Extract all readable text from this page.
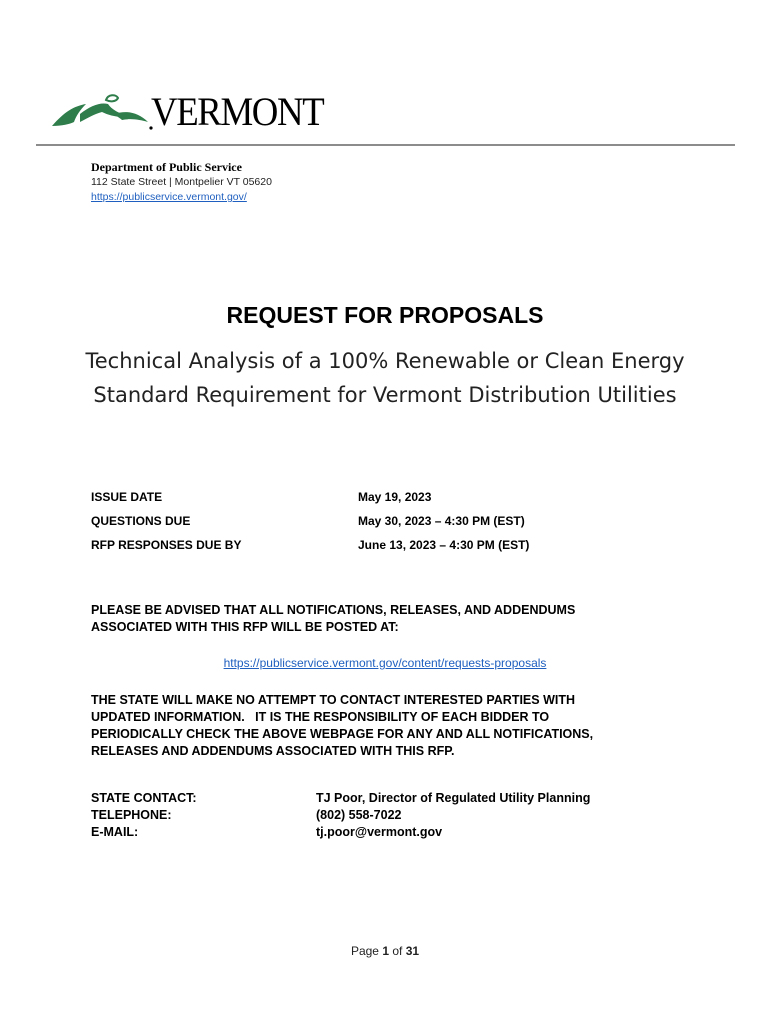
VERMONT
Department of Public Service
112 State Street | Montpelier VT 05620
https://publicservice.vermont.gov/
REQUEST FOR PROPOSALS
Technical Analysis of a 100% Renewable or Clean Energy
Standard Requirement for Vermont Distribution Utilities
ISSUE DATE	May 19, 2023
QUESTIONS DUE	May 30, 2023 – 4:30 PM (EST)
RFP RESPONSES DUE BY	June 13, 2023 – 4:30 PM (EST)
PLEASE BE ADVISED THAT ALL NOTIFICATIONS, RELEASES, AND ADDENDUMS
ASSOCIATED WITH THIS RFP WILL BE POSTED AT:
https://publicservice.vermont.gov/content/requests-proposals
THE STATE WILL MAKE NO ATTEMPT TO CONTACT INTERESTED PARTIES WITH
UPDATED INFORMATION.   IT IS THE RESPONSIBILITY OF EACH BIDDER TO
PERIODICALLY CHECK THE ABOVE WEBPAGE FOR ANY AND ALL NOTIFICATIONS,
RELEASES AND ADDENDUMS ASSOCIATED WITH THIS RFP.
STATE CONTACT:	TJ Poor, Director of Regulated Utility Planning
TELEPHONE:	(802) 558-7022
E-MAIL:	tj.poor@vermont.gov
Page 1 of 31
